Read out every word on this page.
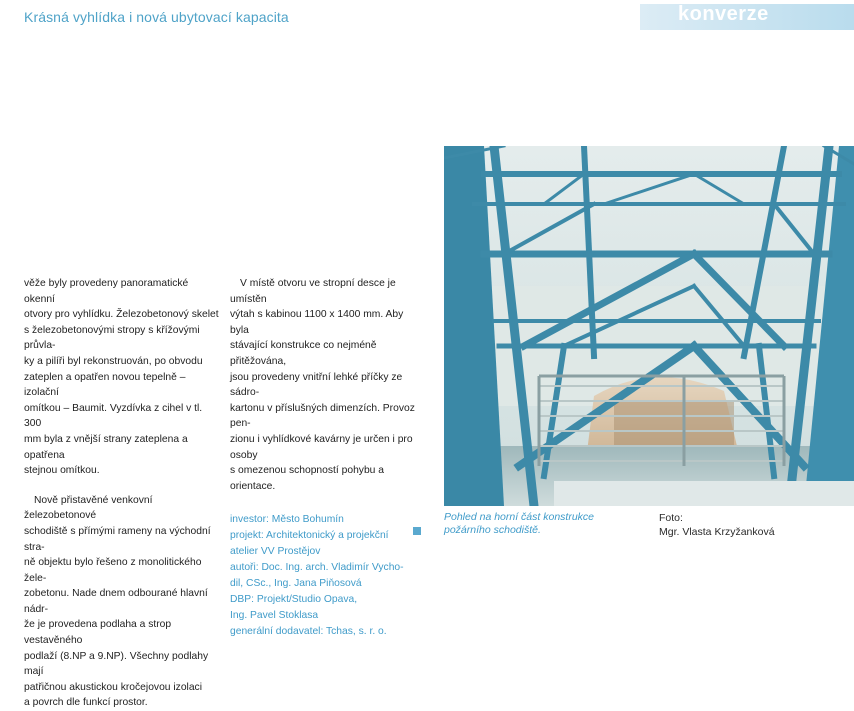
Krásná vyhlídka i nová ubytovací kapacita	konverze

věže byly provedeny panoramatické okenní
otvory pro vyhlídku. Železobetonový skelet
s železobetonovými stropy s křížovými průvla-
ky a pilíři byl rekonstruován, po obvodu
zateplen a opatřen novou tepelně – izolační
omítkou – Baumit. Vyzdívka z cihel v tl. 300
mm byla z vnější strany zateplena a opatřena
stejnou omítkou.

Nově přistavěné venkovní železobetonové
schodiště s přímými rameny na východní stra-
ně objektu bylo řešeno z monolitického žele-
zobetonu. Nade dnem odbourané hlavní nádr-
že je provedena podlaha a strop vestavěného
podlaží (8.NP a 9.NP). Všechny podlahy mají
patřičnou akustickou kročejovou izolaci
a povrch dle funkcí prostor.

V místě otvoru ve stropní desce je umístěn
výtah s kabinou 1100 x 1400 mm. Aby byla
stávající konstrukce co nejméně přitěžována,
jsou provedeny vnitřní lehké příčky ze sádro-
kartonu v příslušných dimenzích. Provoz pen-
zionu i vyhlídkové kavárny je určen i pro osoby
s omezenou schopností pohybu a orientace.

investor: Město Bohumín
projekt: Architektonický a projekční
atelier VV Prostějov
autoři: Doc. Ing. arch. Vladimír Vycho-
dil, CSc., Ing. Jana Piňosová
DBP: Projekt/Studio Opava,
Ing. Pavel Stoklasa
generální dodavatel: Tchas, s. r. o.
Pohled na horní část konstrukce
požárního schodiště.
Foto:
Mgr. Vlasta Krzyžanková
